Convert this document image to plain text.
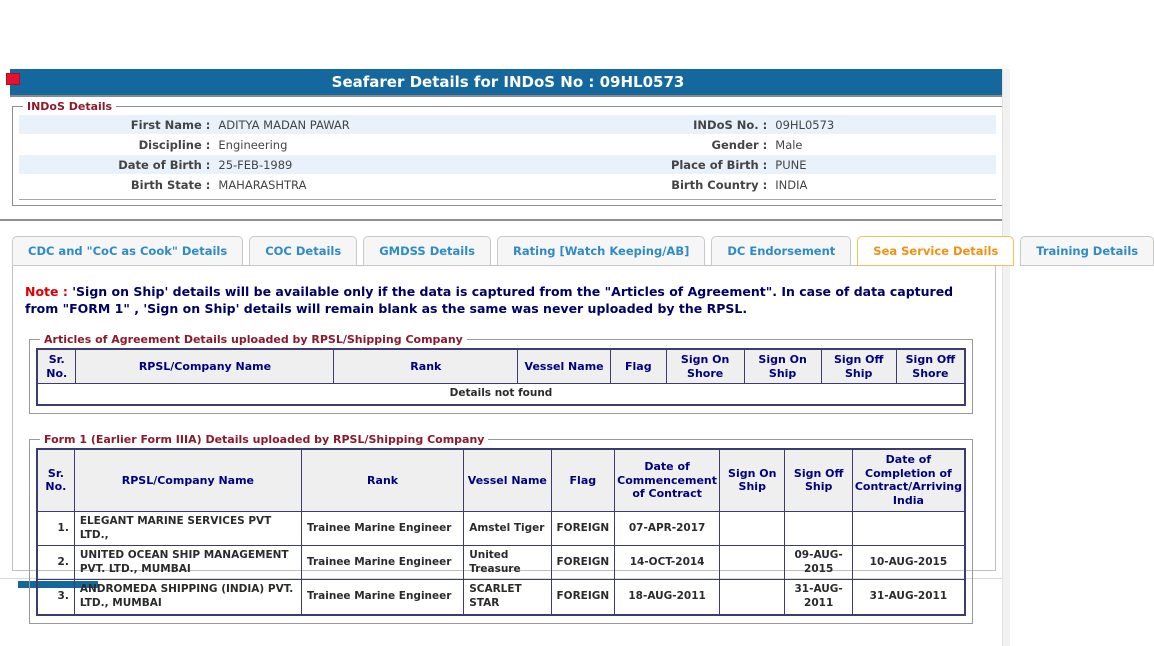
Seafarer Details for INDoS No : 09HL0573
INDoS Details
First Name :	ADITYA MADAN PAWAR	INDoS No. :	09HL0573
Discipline :	Engineering	Gender :	Male
Date of Birth :	25-FEB-1989	Place of Birth :	PUNE
Birth State :	MAHARASHTRA	Birth Country :	INDIA
CDC and "CoC as Cook" Details	COC Details	GMDSS Details	Rating [Watch Keeping/AB]	DC Endorsement	Sea Service Details	Training Details
Note : 'Sign on Ship' details will be available only if the data is captured from the "Articles of Agreement". In case of data captured from "FORM 1" , 'Sign on Ship' details will remain blank as the same was never uploaded by the RPSL.
Articles of Agreement Details uploaded by RPSL/Shipping Company
Sr. No.	RPSL/Company Name	Rank	Vessel Name	Flag	Sign On Shore	Sign On Ship	Sign Off Ship	Sign Off Shore
Details not found
Form 1 (Earlier Form IIIA) Details uploaded by RPSL/Shipping Company
Sr. No.	RPSL/Company Name	Rank	Vessel Name	Flag	Date of Commencement of Contract	Sign On Ship	Sign Off Ship	Date of Completion of Contract/Arriving India
1.	ELEGANT MARINE SERVICES PVT LTD.,	Trainee Marine Engineer	Amstel Tiger	FOREIGN	07-APR-2017			
2.	UNITED OCEAN SHIP MANAGEMENT PVT. LTD., MUMBAI	Trainee Marine Engineer	United Treasure	FOREIGN	14-OCT-2014		09-AUG-2015	10-AUG-2015
3.	ANDROMEDA SHIPPING (INDIA) PVT. LTD., MUMBAI	Trainee Marine Engineer	SCARLET STAR	FOREIGN	18-AUG-2011		31-AUG-2011	31-AUG-2011
